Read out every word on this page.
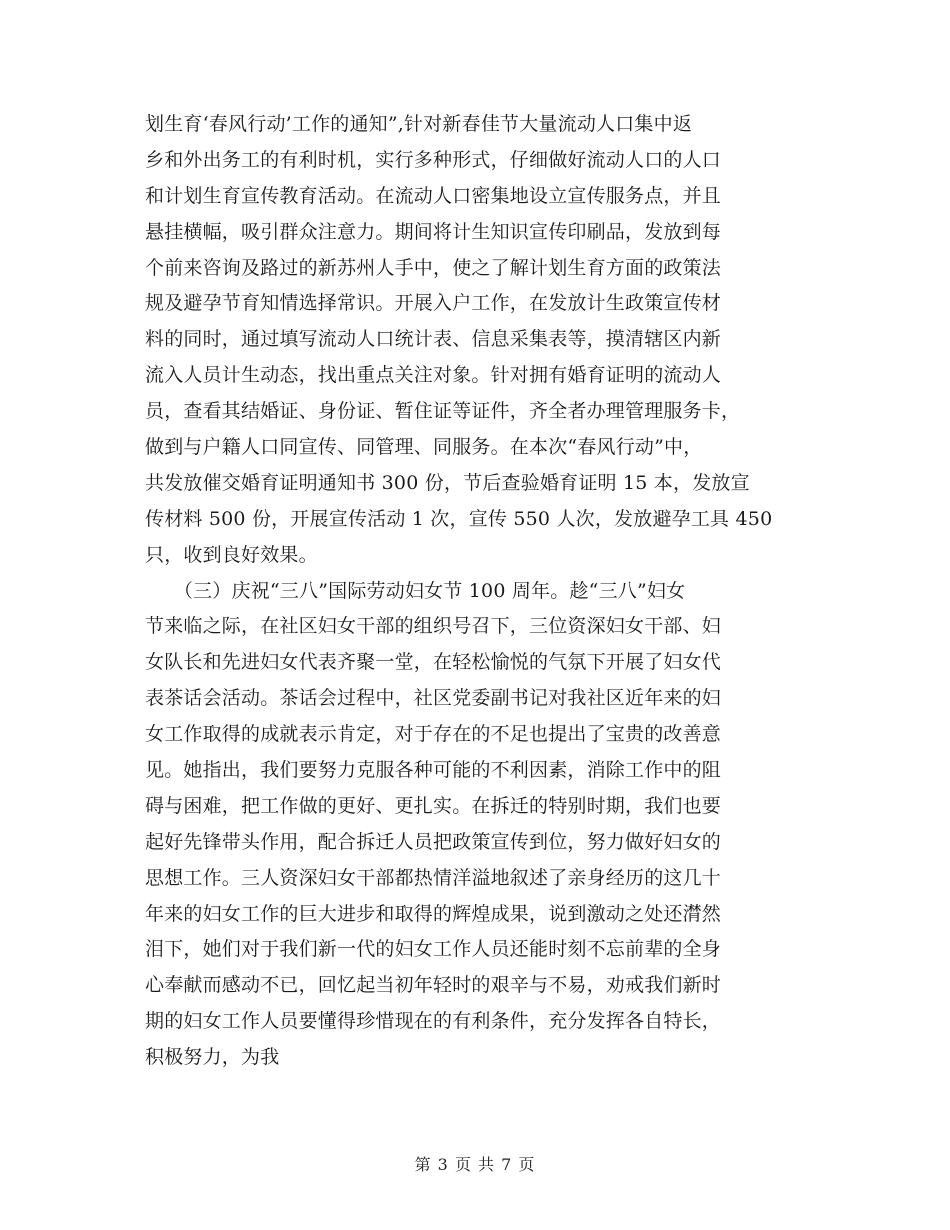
划生育‘春风行动’工作的通知”,针对新春佳节大量流动人口集中返
乡和外出务工的有利时机，实行多种形式，仔细做好流动人口的人口
和计划生育宣传教育活动。在流动人口密集地设立宣传服务点，并且
悬挂横幅，吸引群众注意力。期间将计生知识宣传印刷品，发放到每
个前来咨询及路过的新苏州人手中，使之了解计划生育方面的政策法
规及避孕节育知情选择常识。开展入户工作，在发放计生政策宣传材
料的同时，通过填写流动人口统计表、信息采集表等，摸清辖区内新
流入人员计生动态，找出重点关注对象。针对拥有婚育证明的流动人
员，查看其结婚证、身份证、暂住证等证件，齐全者办理管理服务卡，
做到与户籍人口同宣传、同管理、同服务。在本次“春风行动”中，
共发放催交婚育证明通知书 300 份，节后查验婚育证明 15 本，发放宣
传材料 500 份，开展宣传活动 1 次，宣传 550 人次，发放避孕工具 450
只，收到良好效果。
　　（三）庆祝“三八”国际劳动妇女节 100 周年。趁“三八”妇女
节来临之际，在社区妇女干部的组织号召下，三位资深妇女干部、妇
女队长和先进妇女代表齐聚一堂，在轻松愉悦的气氛下开展了妇女代
表茶话会活动。茶话会过程中，社区党委副书记对我社区近年来的妇
女工作取得的成就表示肯定，对于存在的不足也提出了宝贵的改善意
见。她指出，我们要努力克服各种可能的不利因素，消除工作中的阻
碍与困难，把工作做的更好、更扎实。在拆迁的特别时期，我们也要
起好先锋带头作用，配合拆迁人员把政策宣传到位，努力做好妇女的
思想工作。三人资深妇女干部都热情洋溢地叙述了亲身经历的这几十
年来的妇女工作的巨大进步和取得的辉煌成果，说到激动之处还潸然
泪下，她们对于我们新一代的妇女工作人员还能时刻不忘前辈的全身
心奉献而感动不已，回忆起当初年轻时的艰辛与不易，劝戒我们新时
期的妇女工作人员要懂得珍惜现在的有利条件，充分发挥各自特长，
积极努力，为我
第 3 页 共 7 页
